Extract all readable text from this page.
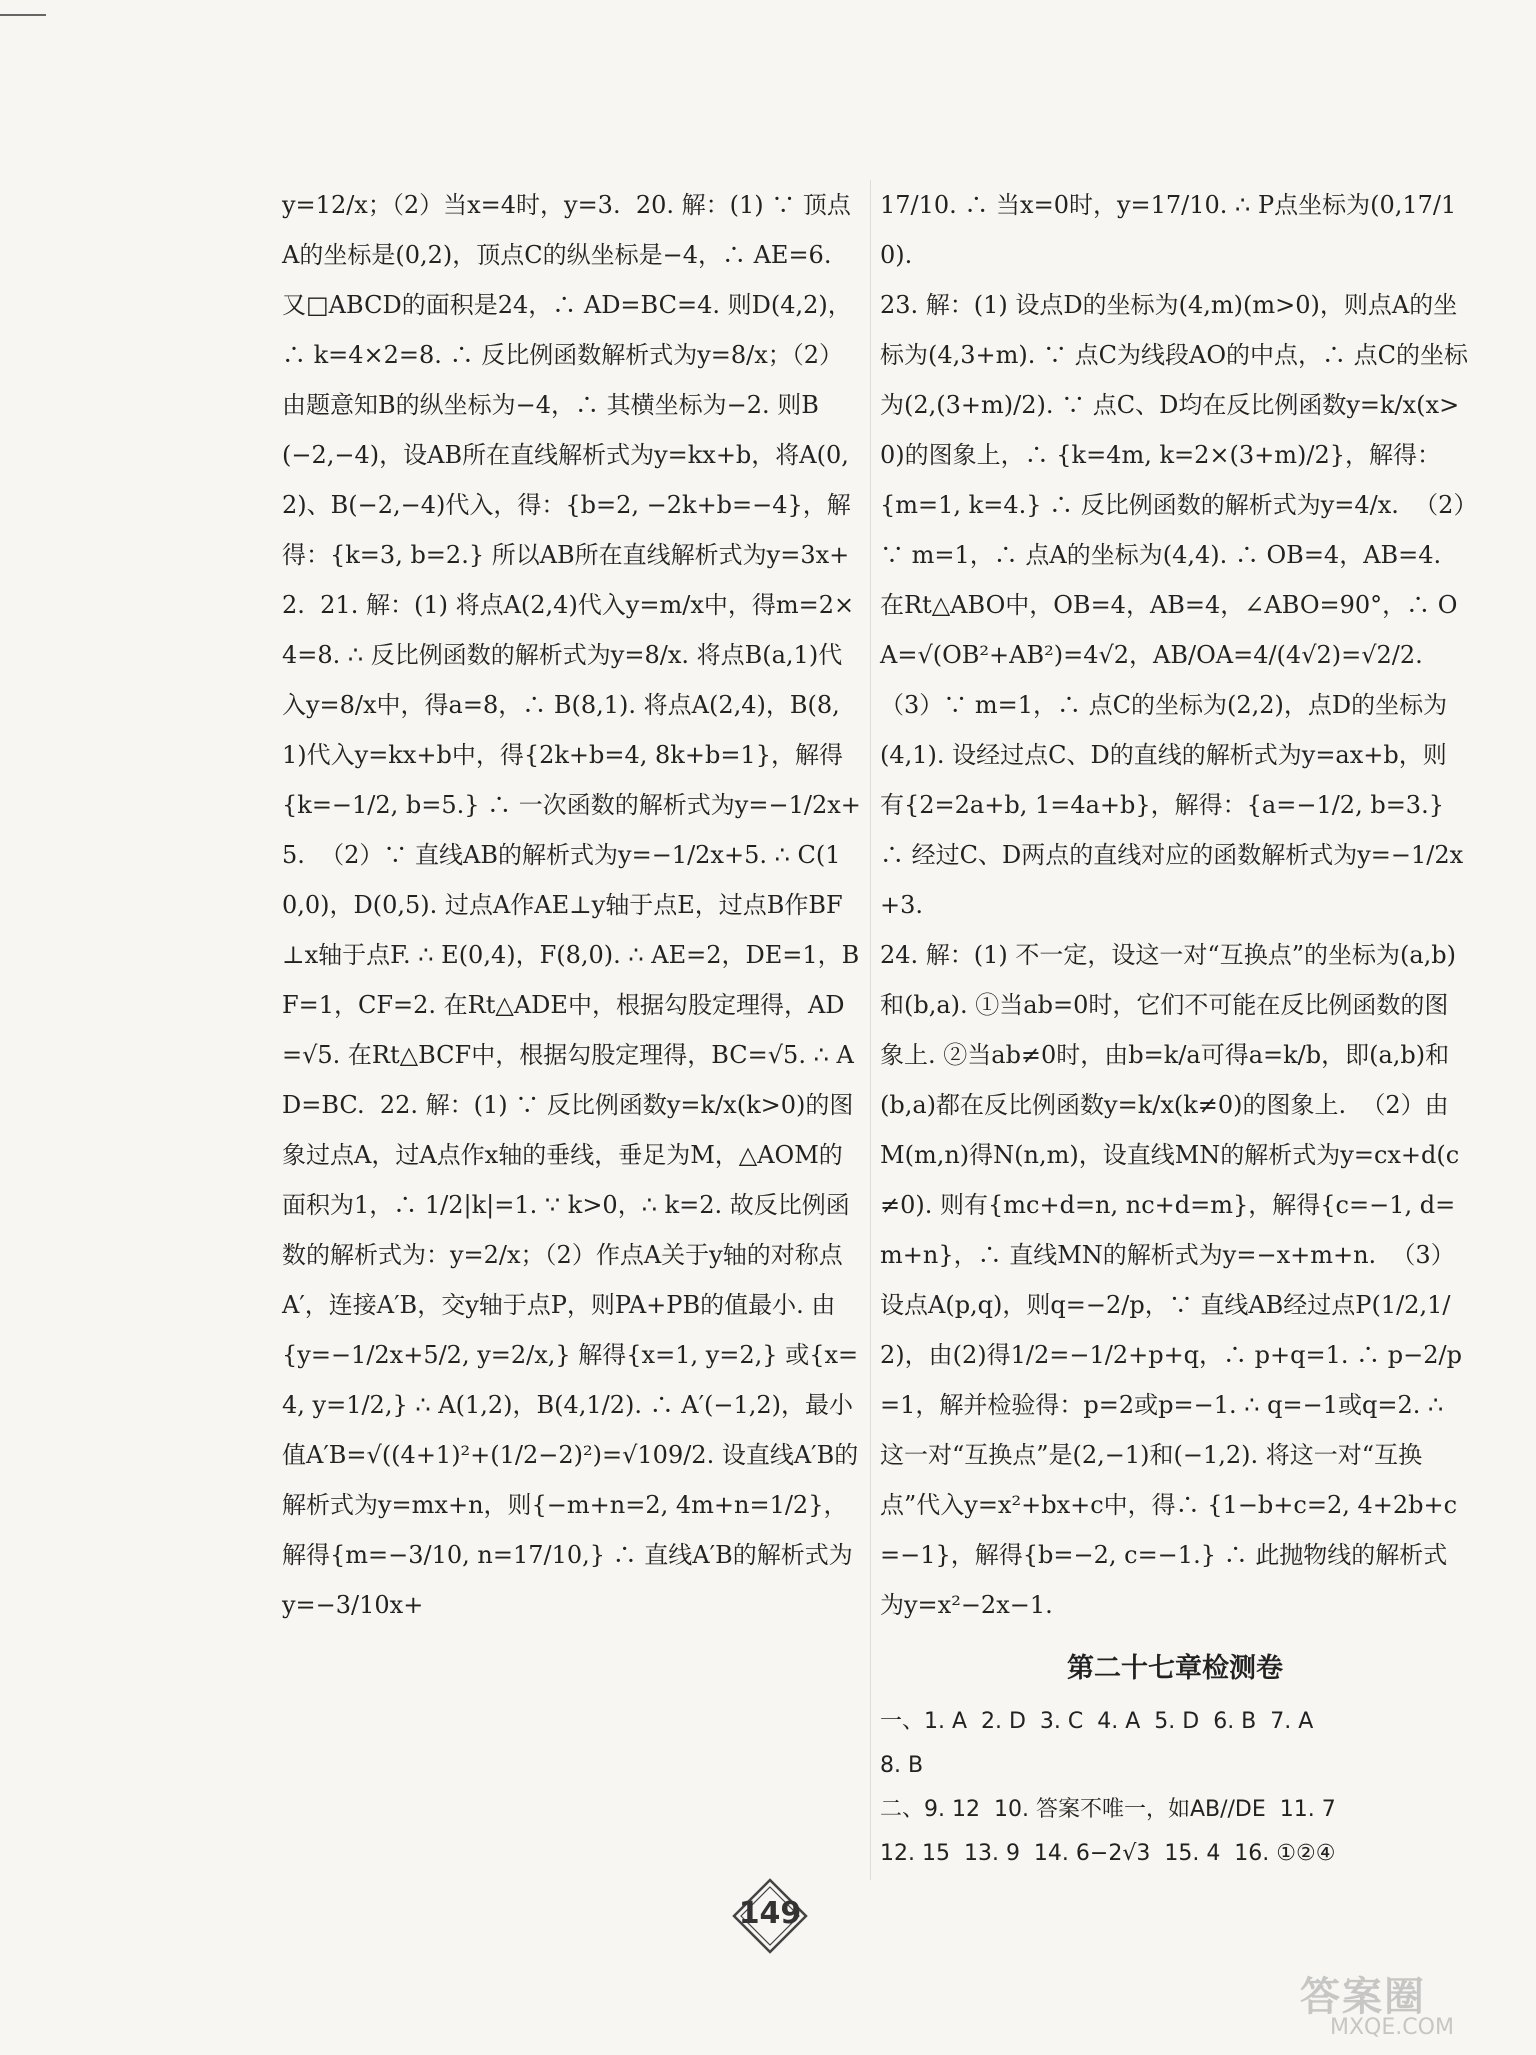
y=12/x；（2）当x=4时，y=3.  20. 解：(1) ∵ 顶点A的坐标是(0,2)，顶点C的纵坐标是−4，∴ AE=6. 又□ABCD的面积是24，∴ AD=BC=4. 则D(4,2)，∴ k=4×2=8. ∴ 反比例函数解析式为y=8/x；（2）由题意知B的纵坐标为−4，∴ 其横坐标为−2. 则B(−2,−4)，设AB所在直线解析式为y=kx+b，将A(0,2)、B(−2,−4)代入，得：{b=2, −2k+b=−4}，解得：{k=3, b=2.} 所以AB所在直线解析式为y=3x+2.  21. 解：(1) 将点A(2,4)代入y=m/x中，得m=2×4=8. ∴ 反比例函数的解析式为y=8/x. 将点B(a,1)代入y=8/x中，得a=8，∴ B(8,1). 将点A(2,4)，B(8,1)代入y=kx+b中，得{2k+b=4, 8k+b=1}，解得{k=−1/2, b=5.} ∴ 一次函数的解析式为y=−1/2x+5.  （2）∵ 直线AB的解析式为y=−1/2x+5. ∴ C(10,0)，D(0,5). 过点A作AE⊥y轴于点E，过点B作BF⊥x轴于点F. ∴ E(0,4)，F(8,0). ∴ AE=2，DE=1，BF=1，CF=2. 在Rt△ADE中，根据勾股定理得，AD=√5. 在Rt△BCF中，根据勾股定理得，BC=√5. ∴ AD=BC.  22. 解：(1) ∵ 反比例函数y=k/x(k>0)的图象过点A，过A点作x轴的垂线，垂足为M，△AOM的面积为1，∴ 1/2|k|=1. ∵ k>0，∴ k=2. 故反比例函数的解析式为：y=2/x；（2）作点A关于y轴的对称点A′，连接A′B，交y轴于点P，则PA+PB的值最小. 由{y=−1/2x+5/2, y=2/x,} 解得{x=1, y=2,} 或{x=4, y=1/2,} ∴ A(1,2)，B(4,1/2). ∴ A′(−1,2)，最小值A′B=√((4+1)²+(1/2−2)²)=√109/2. 设直线A′B的解析式为y=mx+n，则{−m+n=2, 4m+n=1/2}，解得{m=−3/10, n=17/10,} ∴ 直线A′B的解析式为y=−3/10x+

17/10. ∴ 当x=0时，y=17/10. ∴ P点坐标为(0,17/10).

23. 解：(1) 设点D的坐标为(4,m)(m>0)，则点A的坐标为(4,3+m). ∵ 点C为线段AO的中点，∴ 点C的坐标为(2,(3+m)/2). ∵ 点C、D均在反比例函数y=k/x(x>0)的图象上，∴ {k=4m, k=2×(3+m)/2}，解得：{m=1, k=4.} ∴ 反比例函数的解析式为y=4/x.  （2）∵ m=1，∴ 点A的坐标为(4,4). ∴ OB=4，AB=4. 在Rt△ABO中，OB=4，AB=4，∠ABO=90°，∴ OA=√(OB²+AB²)=4√2，AB/OA=4/(4√2)=√2/2.  （3）∵ m=1，∴ 点C的坐标为(2,2)，点D的坐标为(4,1). 设经过点C、D的直线的解析式为y=ax+b，则有{2=2a+b, 1=4a+b}，解得：{a=−1/2, b=3.} ∴ 经过C、D两点的直线对应的函数解析式为y=−1/2x+3.

24. 解：(1) 不一定，设这一对“互换点”的坐标为(a,b)和(b,a). ①当ab=0时，它们不可能在反比例函数的图象上. ②当ab≠0时，由b=k/a可得a=k/b，即(a,b)和(b,a)都在反比例函数y=k/x(k≠0)的图象上.  （2）由M(m,n)得N(n,m)，设直线MN的解析式为y=cx+d(c≠0). 则有{mc+d=n, nc+d=m}，解得{c=−1, d=m+n}，∴ 直线MN的解析式为y=−x+m+n.  （3）设点A(p,q)，则q=−2/p，∵ 直线AB经过点P(1/2,1/2)，由(2)得1/2=−1/2+p+q，∴ p+q=1. ∴ p−2/p=1，解并检验得：p=2或p=−1. ∴ q=−1或q=2. ∴ 这一对“互换点”是(2,−1)和(−1,2). 将这一对“互换点”代入y=x²+bx+c中，得∴ {1−b+c=2, 4+2b+c=−1}，解得{b=−2, c=−1.} ∴ 此抛物线的解析式为y=x²−2x−1.

第二十七章检测卷

一、1. A  2. D  3. C  4. A  5. D  6. B  7. A

8. B

二、9. 12  10. 答案不唯一，如AB//DE  11. 7

12. 15  13. 9  14. 6−2√3  15. 4  16. ①②④

149
答案圈
MXQE.COM
